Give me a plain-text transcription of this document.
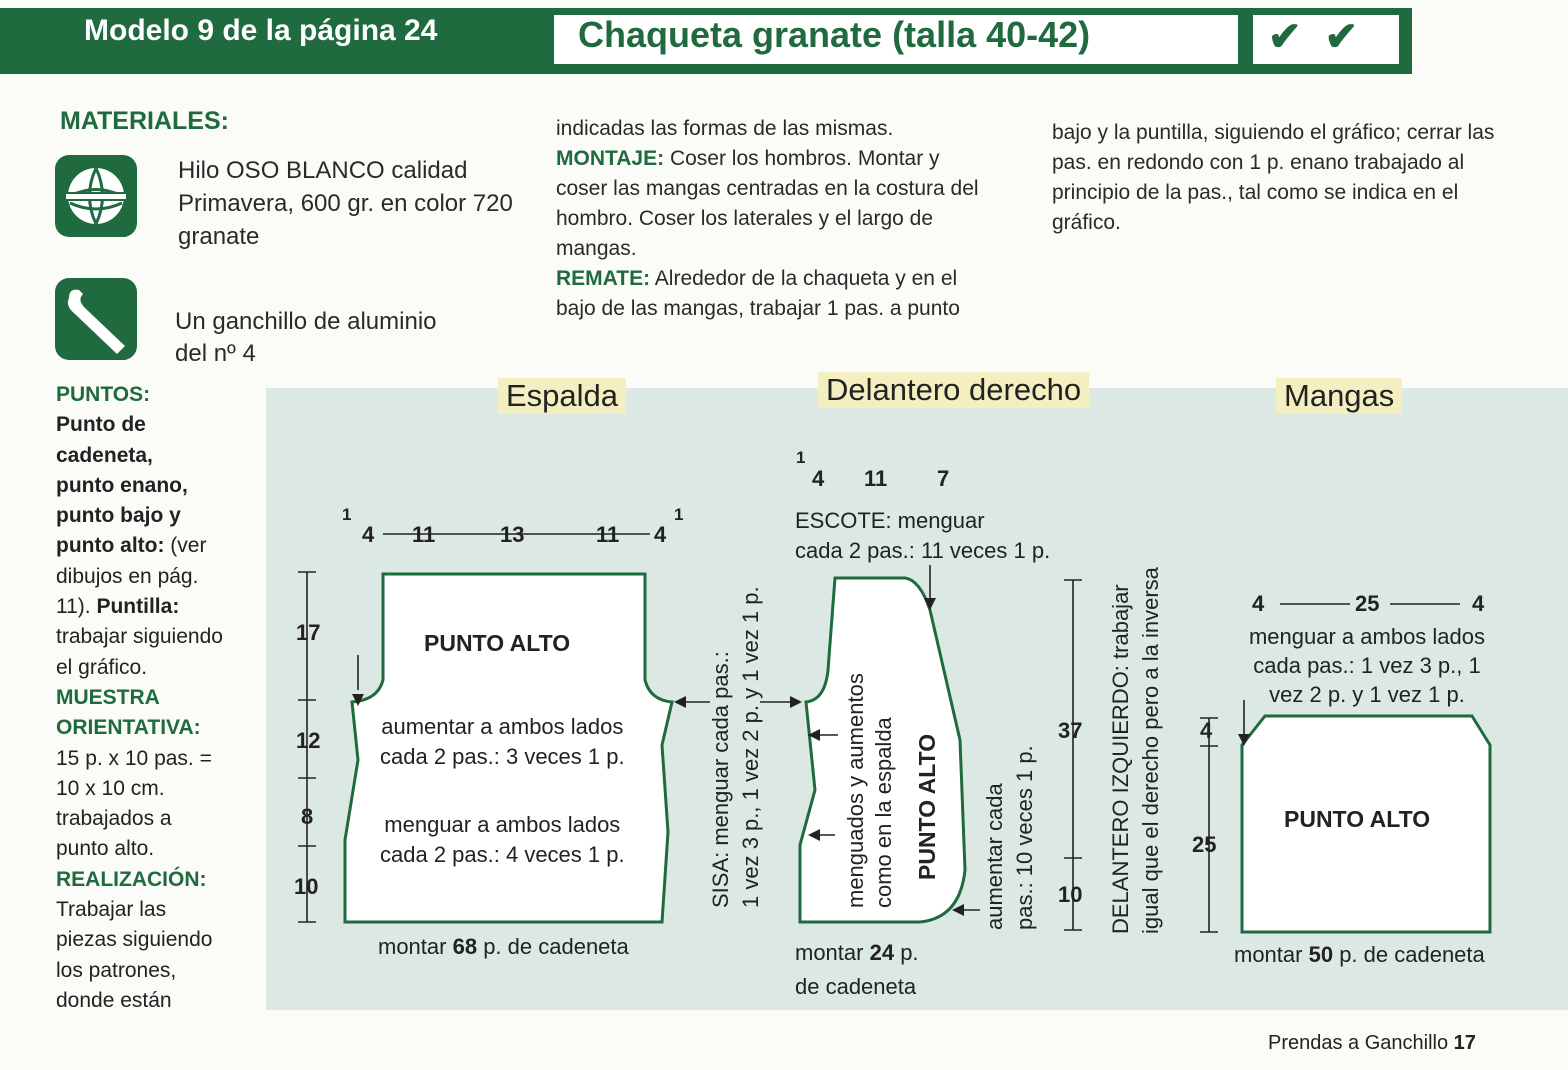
Modelo 9 de la página 24	Chaqueta granate (talla 40-42)	✔ ✔
MATERIALES:
Hilo OSO BLANCO calidad
Primavera, 600 gr. en color 720
granate
Un ganchillo de aluminio
del nº 4
indicadas las formas de las mismas.
MONTAJE: Coser los hombros. Montar y
coser las mangas centradas en la costura del
hombro. Coser los laterales y el largo de
mangas.
REMATE: Alrededor de la chaqueta y en el
bajo de las mangas, trabajar 1 pas. a punto
bajo y la puntilla, siguiendo el gráfico; cerrar las
pas. en redondo con 1 p. enano trabajado al
principio de la pas., tal como se indica en el
gráfico.
PUNTOS:
Punto de
cadeneta,
punto enano,
punto bajo y
punto alto: (ver
dibujos en pág.
11). Puntilla:
trabajar siguiendo
el gráfico.
MUESTRA
ORIENTATIVA:
15 p. x 10 pas. =
10 x 10 cm.
trabajados a
punto alto.
REALIZACIÓN:
Trabajar las
piezas siguiendo
los patrones,
donde están
Espalda	Delantero derecho	Mangas
1
4 11	13	11 4
1
17
12
8
10
PUNTO ALTO
aumentar a ambos lados
cada 2 pas.: 3 veces 1 p.
menguar a ambos lados
cada 2 pas.: 4 veces 1 p.
montar 68 p. de cadeneta
1
4 11 7
ESCOTE: menguar
cada 2 pas.: 11 veces 1 p.
SISA: menguar cada pas.: 1 vez 3 p., 1 vez 2 p. y 1 vez 1 p.	menguados y aumentos como en la espalda PUNTO ALTO aumentar cada pas.: 10 veces 1 p.
37
10 DELANTERO IZQUIERDO: trabajar igual que el derecho pero a la inversa
montar 24 p.
de cadeneta
4	25	4
menguar a ambos lados
cada pas.: 1 vez 3 p., 1
vez 2 p. y 1 vez 1 p.
4
25
PUNTO ALTO
montar 50 p. de cadeneta
Prendas a Ganchillo 17
